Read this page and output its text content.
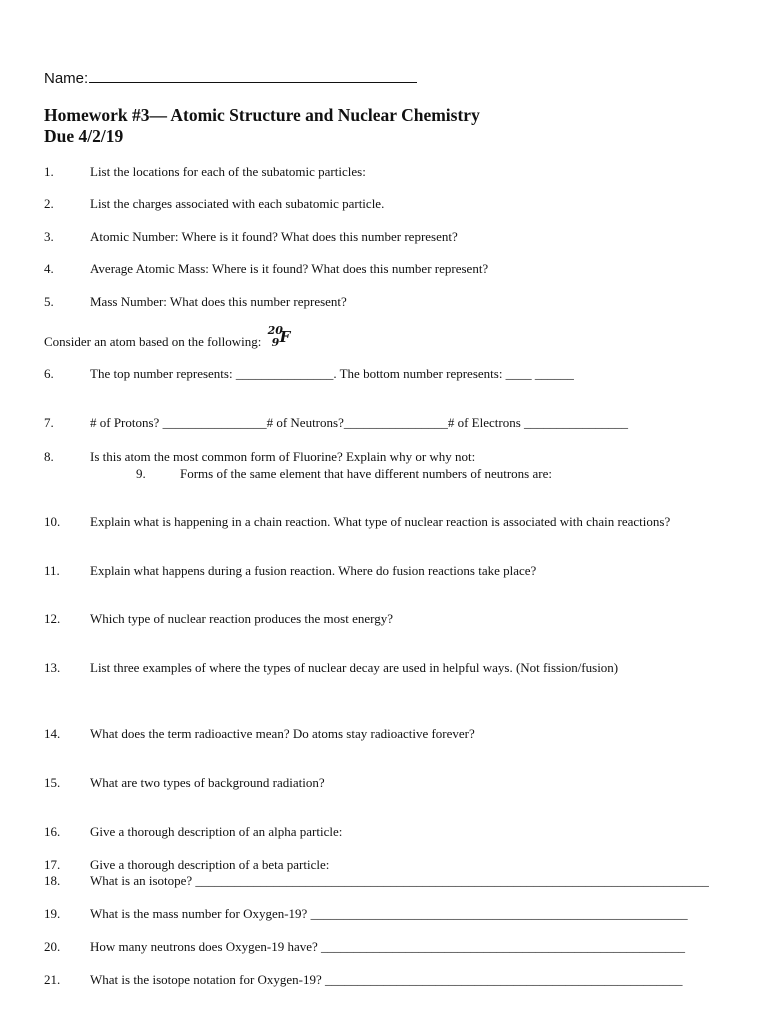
Name:
Homework #3— Atomic Structure and Nuclear Chemistry
Due 4/2/19
1.	List the locations for each of the subatomic particles:
2.	List the charges associated with each subatomic particle.
3.	Atomic Number: Where is it found? What does this number represent?
4.	Average Atomic Mass: Where is it found? What does this number represent?
5.	Mass Number: What does this number represent?
Consider an atom based on the following:
20
9 F
6.	The top number represents: _______________. The bottom number represents: ____ ______
7.	# of Protons? ________________# of Neutrons?________________# of Electrons ________________
8.	Is this atom the most common form of Fluorine? Explain why or why not:
9.	Forms of the same element that have different numbers of neutrons are:
10. Explain what is happening in a chain reaction. What type of nuclear reaction is associated with chain reactions?
11. Explain what happens during a fusion reaction. Where do fusion reactions take place?
12. Which type of nuclear reaction produces the most energy?
13. List three examples of where the types of nuclear decay are used in helpful ways. (Not fission/fusion)
14. What does the term radioactive mean? Do atoms stay radioactive forever?
15. What are two types of background radiation?
16. Give a thorough description of an alpha particle:
17. Give a thorough description of a beta particle:
18. What is an isotope? _______________________________________________________________________________
19. What is the mass number for Oxygen-19? __________________________________________________________
20. How many neutrons does Oxygen-19 have? ________________________________________________________
21. What is the isotope notation for Oxygen-19? _______________________________________________________
